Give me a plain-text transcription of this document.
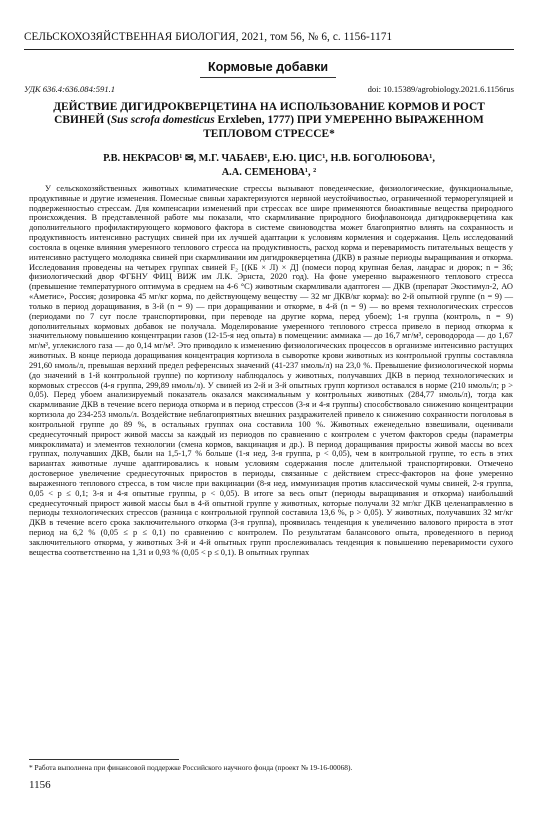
СЕЛЬСКОХОЗЯЙСТВЕННАЯ БИОЛОГИЯ, 2021, том 56, № 6, с. 1156-1171
Кормовые добавки
УДК 636.4:636.084:591.1	doi: 10.15389/agrobiology.2021.6.1156rus
ДЕЙСТВИЕ ДИГИДРОКВЕРЦЕТИНА НА ИСПОЛЬЗОВАНИЕ КОРМОВ И РОСТ СВИНЕЙ (Sus scrofa domesticus Erxleben, 1777) ПРИ УМЕРЕННО ВЫРАЖЕННОМ ТЕПЛОВОМ СТРЕССЕ*
Р.В. НЕКРАСОВ¹ ✉, М.Г. ЧАБАЕВ¹, Е.Ю. ЦИС¹, Н.В. БОГОЛЮБОВА¹,
А.А. СЕМЕНОВА¹, ²

У сельскохозяйственных животных климатические стрессы вызывают поведенческие, физиологические, функциональные, продуктивные и другие изменения. Помесные свиньи характеризуются нервной неустойчивостью, ограниченной терморегуляцией и подверженностью стрессам. Для компенсации изменений при стрессах все шире применяются биоактивные вещества природного происхождения. В представленной работе мы показали, что скармливание природного биофлавоноида дигидрокверцетина как дополнительного профилактирующего кормового фактора в системе свиноводства может благоприятно влиять на сохранность и продуктивность интенсивно растущих свиней при их лучшей адаптации к условиям кормления и содержания. Цель исследований состояла в оценке влияния умеренного теплового стресса на продуктивность, расход корма и переваримость питательных веществ у интенсивно растущего молодняка свиней при скармливании им дигидрокверцетина (ДКВ) в разные периоды выращивания и откорма. Исследования проведены на четырех группах свиней F₂ [(КБ × Л) × Д] (помеси пород крупная белая, ландрас и дюрок; n = 36; физиологический двор ФГБНУ ФИЦ ВИЖ им Л.К. Эрнста, 2020 год). На фоне умеренно выраженного теплового стресса (превышение температурного оптимума в среднем на 4-6 °С) животным скармливали адаптоген — ДКВ (препарат Экостимул-2, АО «Аметис», Россия; дозировка 45 мг/кг корма, по действующему веществу — 32 мг ДКВ/кг корма): во 2-й опытной группе (n = 9) — только в период доращивания, в 3-й (n = 9) — при доращивании и откорме, в 4-й (n = 9) — во время технологических стрессов (периодами по 7 сут после транспортировки, при переводе на другие корма, перед убоем); 1-я группа (контроль, n = 9) дополнительных кормовых добавок не получала. Моделирование умеренного теплового стресса привело в период откорма к значительному повышению концентрации газов (12-15-я нед опыта) в помещении: аммиака — до 16,7 мг/м³, сероводорода — до 1,67 мг/м³, углекислого газа — до 0,14 мг/м³. Это приводило к изменению физиологических процессов в организме интенсивно растущих животных. В конце периода доращивания концентрация кортизола в сыворотке крови животных из контрольной группы составляла 291,60 нмоль/л, превышая верхний предел референсных значений (41-237 нмоль/л) на 23,0 %. Превышение физиологической нормы (до значений в 1-й контрольной группе) по кортизолу наблюдалось у животных, получавших ДКВ в период технологических и кормовых стрессов (4-я группа, 299,89 нмоль/л). У свиней из 2-й и 3-й опытных групп кортизол оставался в норме (210 нмоль/л; p > 0,05). Перед убоем анализируемый показатель оказался максимальным у контрольных животных (284,77 нмоль/л), тогда как скармливание ДКВ в течение всего периода откорма и в период стрессов (3-я и 4-я группы) способствовало снижению концентрации кортизола до 234-253 нмоль/л. Воздействие неблагоприятных внешних раздражителей привело к снижению сохранности поголовья в контрольной группе до 89 %, в остальных группах она составила 100 %. Животных еженедельно взвешивали, оценивали среднесуточный прирост живой массы за каждый из периодов по сравнению с контролем с учетом факторов среды (параметры микроклимата) и элементов технологии (смена кормов, вакцинация и др.). В период доращивания приросты живой массы во всех группах, получавших ДКВ, были на 1,5-1,7 % больше (1-я нед, 3-я группа, p < 0,05), чем в контрольной группе, то есть в этих вариантах животные лучше адаптировались к новым условиям содержания после длительной транспортировки. Отмечено достоверное увеличение среднесуточных приростов в периоды, связанные с действием стресс-факторов на фоне умеренно выраженного теплового стресса, в том числе при вакцинации (8-я нед, иммунизация против классической чумы свиней, 2-я группа, 0,05 < p ≤ 0,1; 3-я и 4-я опытные группы, p < 0,05). В итоге за весь опыт (периоды выращивания и откорма) наибольший среднесуточный прирост живой массы был в 4-й опытной группе у животных, которые получали 32 мг/кг ДКВ целенаправленно в периоды технологических стрессов (разница с контрольной группой составила 13,6 %, p > 0,05). У животных, получавших 32 мг/кг ДКВ в течение всего срока заключительного откорма (3-я группа), проявилась тенденция к увеличению валового прироста в этот период на 6,2 % (0,05 ≤ p ≤ 0,1) по сравнению с контролем. По результатам балансового опыта, проведенного в период заключительного откорма, у животных 3-й и 4-й опытных групп прослеживалась тенденция к повышению переваримости сухого вещества соответственно на 1,31 и 0,93 % (0,05 < p ≤ 0,1). В опытных группах

* Работа выполнена при финансовой поддержке Российского научного фонда (проект № 19-16-00068).
1156
